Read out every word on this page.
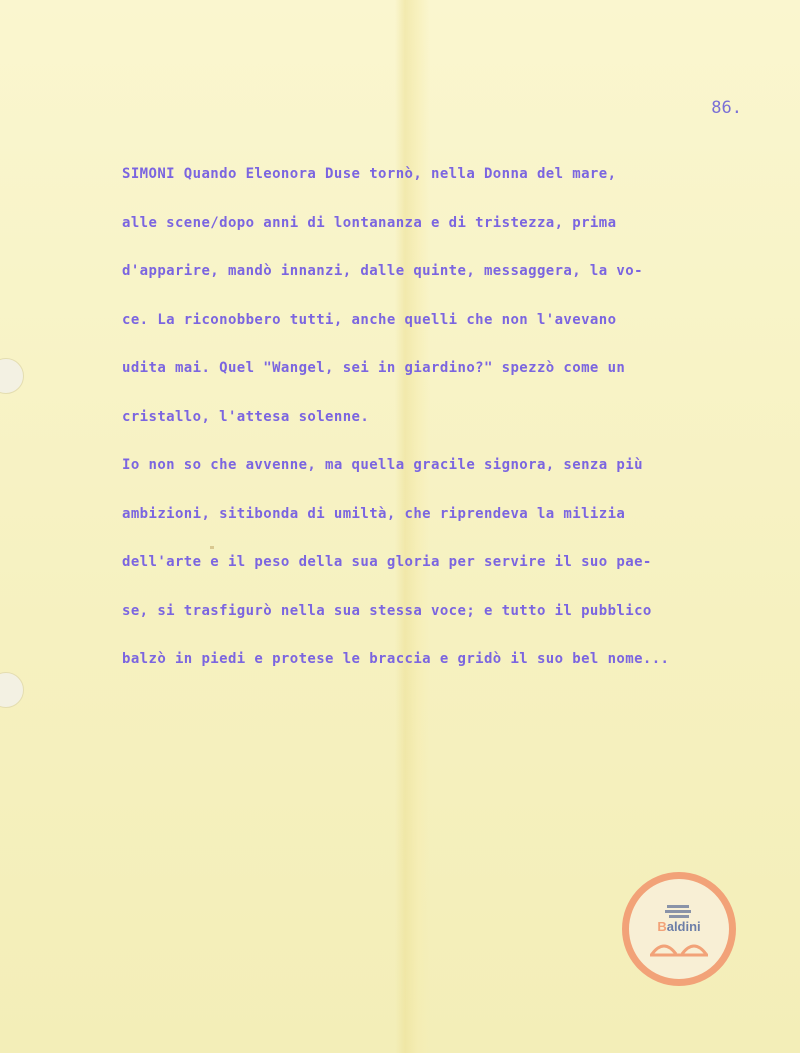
86.
SIMONI Quando Eleonora Duse tornò, nella Donna del mare,
alle scene/dopo anni di lontananza e di tristezza, prima
d'apparire, mandò innanzi, dalle quinte, messaggera, la vo-
ce. La riconobbero tutti, anche quelli che non l'avevano
udita mai. Quel "Wangel, sei in giardino?" spezzò come un
cristallo, l'attesa solenne.
Io non so che avvenne, ma quella gracile signora, senza più
ambizioni, sitibonda di umiltà, che riprendeva la milizia
dell'arte e il peso della sua gloria per servire il suo pae-
se, si trasfigurò nella sua stessa voce; e tutto il pubblico
balzò in piedi e protese le braccia e gridò il suo bel nome...
Baldini
